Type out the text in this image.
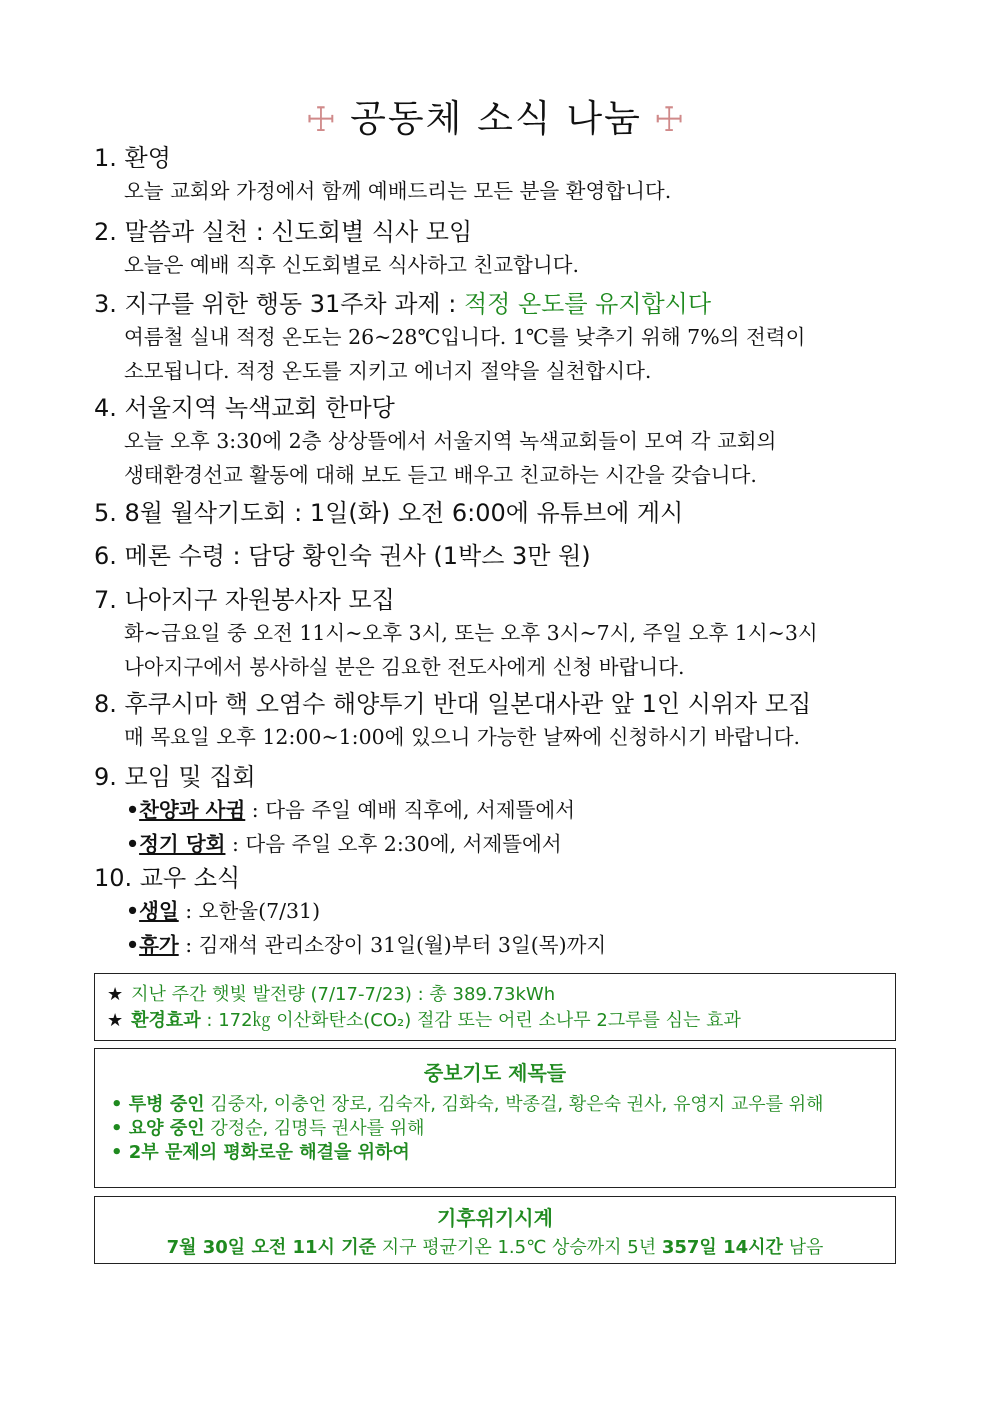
☩ 공동체 소식 나눔 ☩
1. 환영
오늘 교회와 가정에서 함께 예배드리는 모든 분을 환영합니다.
2. 말씀과 실천 : 신도회별 식사 모임
오늘은 예배 직후 신도회별로 식사하고 친교합니다.
3. 지구를 위한 행동 31주차 과제 : 적정 온도를 유지합시다
여름철 실내 적정 온도는 26~28℃입니다. 1℃를 낮추기 위해 7%의 전력이
소모됩니다. 적정 온도를 지키고 에너지 절약을 실천합시다.
4. 서울지역 녹색교회 한마당
오늘 오후 3:30에 2층 상상뜰에서 서울지역 녹색교회들이 모여 각 교회의
생태환경선교 활동에 대해 보도 듣고 배우고 친교하는 시간을 갖습니다.
5. 8월 월삭기도회 : 1일(화) 오전 6:00에 유튜브에 게시
6. 메론 수령 : 담당 황인숙 권사 (1박스 3만 원)
7. 나아지구 자원봉사자 모집
화~금요일 중 오전 11시~오후 3시, 또는 오후 3시~7시, 주일 오후 1시~3시
나아지구에서 봉사하실 분은 김요한 전도사에게 신청 바랍니다.
8. 후쿠시마 핵 오염수 해양투기 반대 일본대사관 앞 1인 시위자 모집
매 목요일 오후 12:00~1:00에 있으니 가능한 날짜에 신청하시기 바랍니다.
9. 모임 및 집회
•찬양과 사귐 : 다음 주일 예배 직후에, 서제뜰에서
•정기 당회 : 다음 주일 오후 2:30에, 서제뜰에서
10. 교우 소식
•생일 : 오한울(7/31)
•휴가 : 김재석 관리소장이 31일(월)부터 3일(목)까지
★ 지난 주간 햇빛 발전량 (7/17-7/23) : 총 389.73kWh
★ 환경효과 : 172㎏ 이산화탄소(CO₂) 절감 또는 어린 소나무 2그루를 심는 효과
중보기도 제목들
• 투병 중인 김중자, 이충언 장로, 김숙자, 김화숙, 박종걸, 황은숙 권사, 유영지 교우를 위해
• 요양 중인 강정순, 김명득 권사를 위해
• 2부 문제의 평화로운 해결을 위하여
기후위기시계
7월 30일 오전 11시 기준 지구 평균기온 1.5℃ 상승까지 5년 357일 14시간 남음
